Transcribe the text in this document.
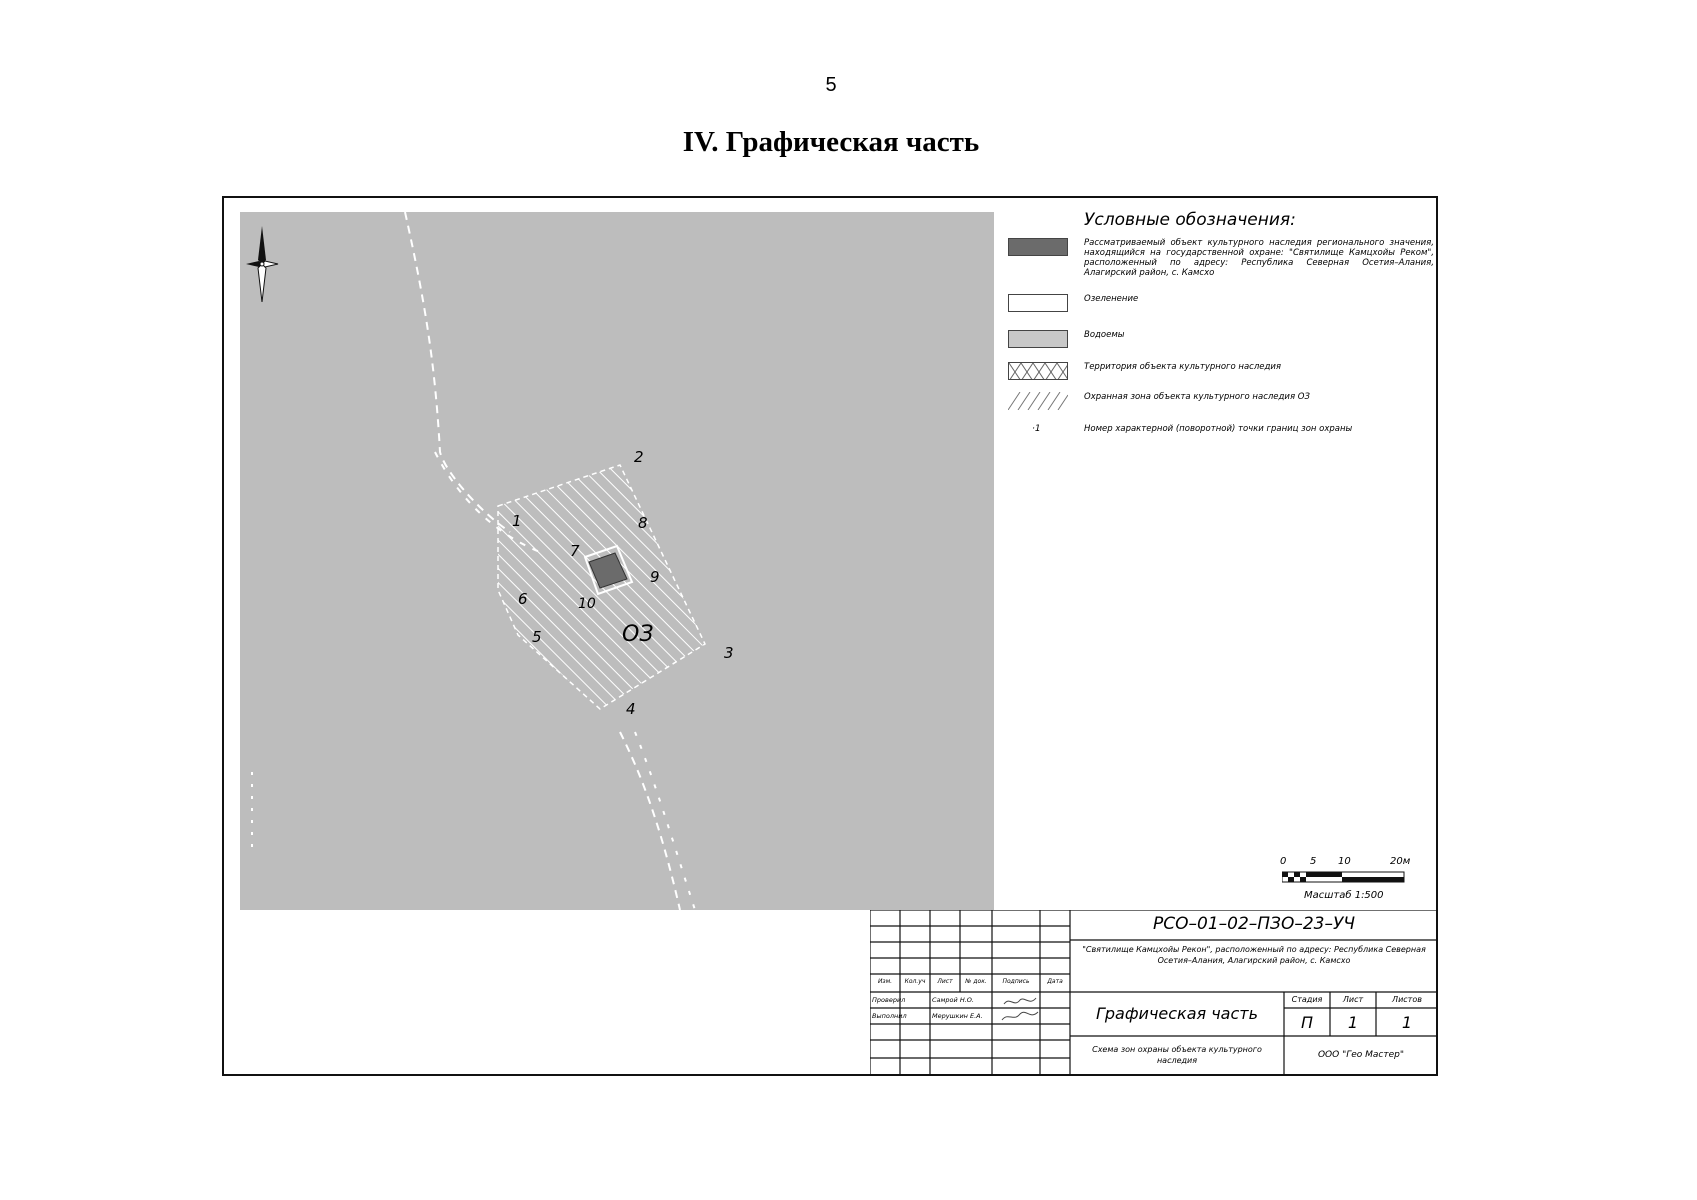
5
IV. Графическая часть
1
2
3
4
5
6
7
8
9
10
ОЗ
Условные обозначения:
Рассматриваемый объект культурного наследия регионального значения, находящийся на государственной охране: "Святилище Камцхойы Реком", расположенный по адресу: Республика Северная Осетия–Алания, Алагирский район, с. Камсхо
Озеленение
Водоемы
Территория объекта культурного наследия
Охранная зона объекта культурного наследия ОЗ
·1	Номер характерной (поворотной) точки границ зон охраны
0 5 10	20м
Масштаб 1:500
РСО–01–02–ПЗО–23–УЧ
"Святилище Камцхойы Рекон", расположенный по адресу: Республика Северная Осетия–Алания, Алагирский район, с. Камсхо
Графическая часть
Схема зон охраны объекта культурного наследия
ООО "Гео Мастер"
Стадия	Лист	Листов
П	1	1
Изм.	Кол.уч	Лист	№ док.	Подпись	Дата
Проверил	Самрой Н.О.
Выполнил	Мерушкин Е.А.
